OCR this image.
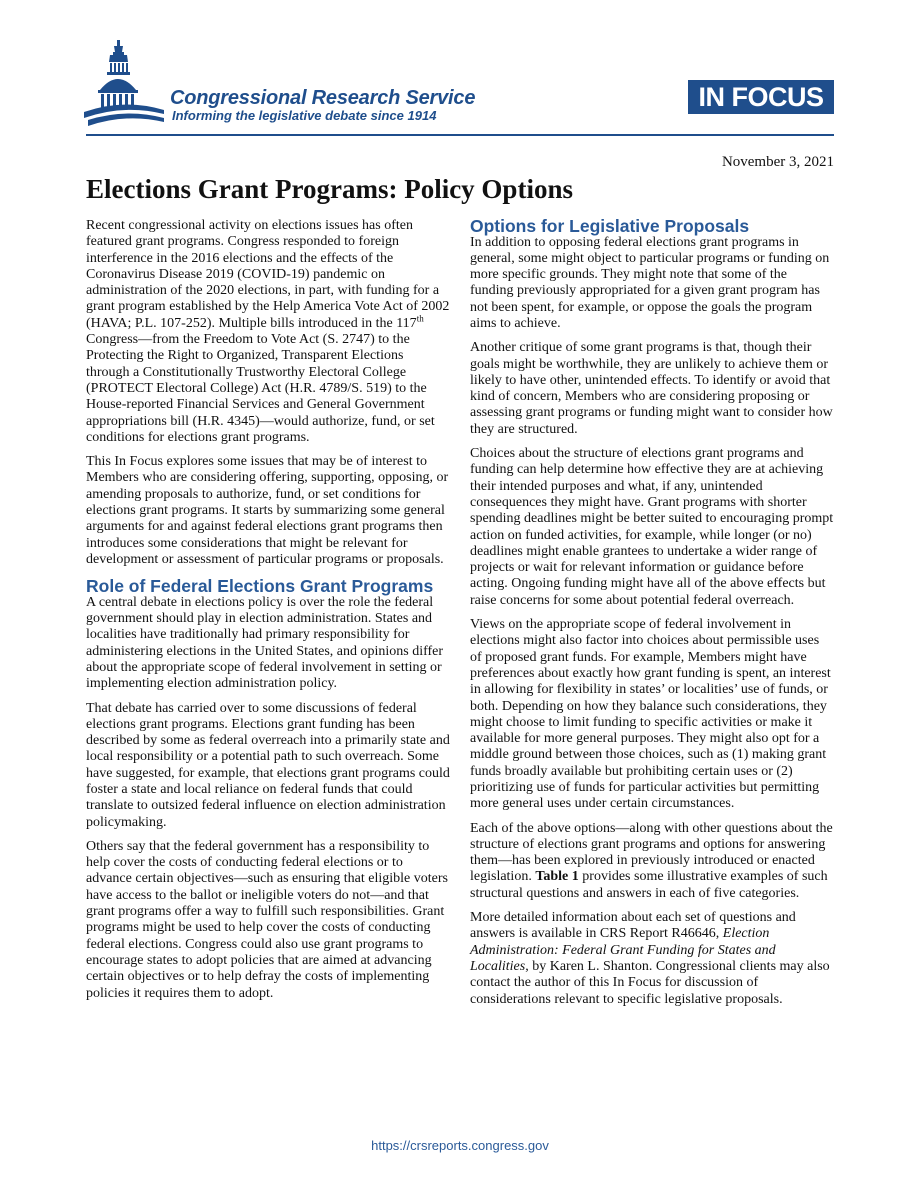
Congressional Research Service
Informing the legislative debate since 1914
IN FOCUS
November 3, 2021
Elections Grant Programs: Policy Options

Recent congressional activity on elections issues has often featured grant programs. Congress responded to foreign interference in the 2016 elections and the effects of the Coronavirus Disease 2019 (COVID-19) pandemic on administration of the 2020 elections, in part, with funding for a grant program established by the Help America Vote Act of 2002 (HAVA; P.L. 107-252). Multiple bills introduced in the 117th Congress—from the Freedom to Vote Act (S. 2747) to the Protecting the Right to Organized, Transparent Elections through a Constitutionally Trustworthy Electoral College (PROTECT Electoral College) Act (H.R. 4789/S. 519) to the House-reported Financial Services and General Government appropriations bill (H.R. 4345)—would authorize, fund, or set conditions for elections grant programs.

This In Focus explores some issues that may be of interest to Members who are considering offering, supporting, opposing, or amending proposals to authorize, fund, or set conditions for elections grant programs. It starts by summarizing some general arguments for and against federal elections grant programs then introduces some considerations that might be relevant for development or assessment of particular programs or proposals.

Role of Federal Elections Grant Programs

A central debate in elections policy is over the role the federal government should play in election administration. States and localities have traditionally had primary responsibility for administering elections in the United States, and opinions differ about the appropriate scope of federal involvement in setting or implementing election administration policy.

That debate has carried over to some discussions of federal elections grant programs. Elections grant funding has been described by some as federal overreach into a primarily state and local responsibility or a potential path to such overreach. Some have suggested, for example, that elections grant programs could foster a state and local reliance on federal funds that could translate to outsized federal influence on election administration policymaking.

Others say that the federal government has a responsibility to help cover the costs of conducting federal elections or to advance certain objectives—such as ensuring that eligible voters have access to the ballot or ineligible voters do not—and that grant programs offer a way to fulfill such responsibilities. Grant programs might be used to help cover the costs of conducting federal elections. Congress could also use grant programs to encourage states to adopt policies that are aimed at advancing certain objectives or to help defray the costs of implementing policies it requires them to adopt.

Options for Legislative Proposals

In addition to opposing federal elections grant programs in general, some might object to particular programs or funding on more specific grounds. They might note that some of the funding previously appropriated for a given grant program has not been spent, for example, or oppose the goals the program aims to achieve.

Another critique of some grant programs is that, though their goals might be worthwhile, they are unlikely to achieve them or likely to have other, unintended effects. To identify or avoid that kind of concern, Members who are considering proposing or assessing grant programs or funding might want to consider how they are structured.

Choices about the structure of elections grant programs and funding can help determine how effective they are at achieving their intended purposes and what, if any, unintended consequences they might have. Grant programs with shorter spending deadlines might be better suited to encouraging prompt action on funded activities, for example, while longer (or no) deadlines might enable grantees to undertake a wider range of projects or wait for relevant information or guidance before acting. Ongoing funding might have all of the above effects but raise concerns for some about potential federal overreach.

Views on the appropriate scope of federal involvement in elections might also factor into choices about permissible uses of proposed grant funds. For example, Members might have preferences about exactly how grant funding is spent, an interest in allowing for flexibility in states’ or localities’ use of funds, or both. Depending on how they balance such considerations, they might choose to limit funding to specific activities or make it available for more general purposes. They might also opt for a middle ground between those choices, such as (1) making grant funds broadly available but prohibiting certain uses or (2) prioritizing use of funds for particular activities but permitting more general uses under certain circumstances.

Each of the above options—along with other questions about the structure of elections grant programs and options for answering them—has been explored in previously introduced or enacted legislation. Table 1 provides some illustrative examples of such structural questions and answers in each of five categories.

More detailed information about each set of questions and answers is available in CRS Report R46646, Election Administration: Federal Grant Funding for States and Localities, by Karen L. Shanton. Congressional clients may also contact the author of this In Focus for discussion of considerations relevant to specific legislative proposals.

https://crsreports.congress.gov
